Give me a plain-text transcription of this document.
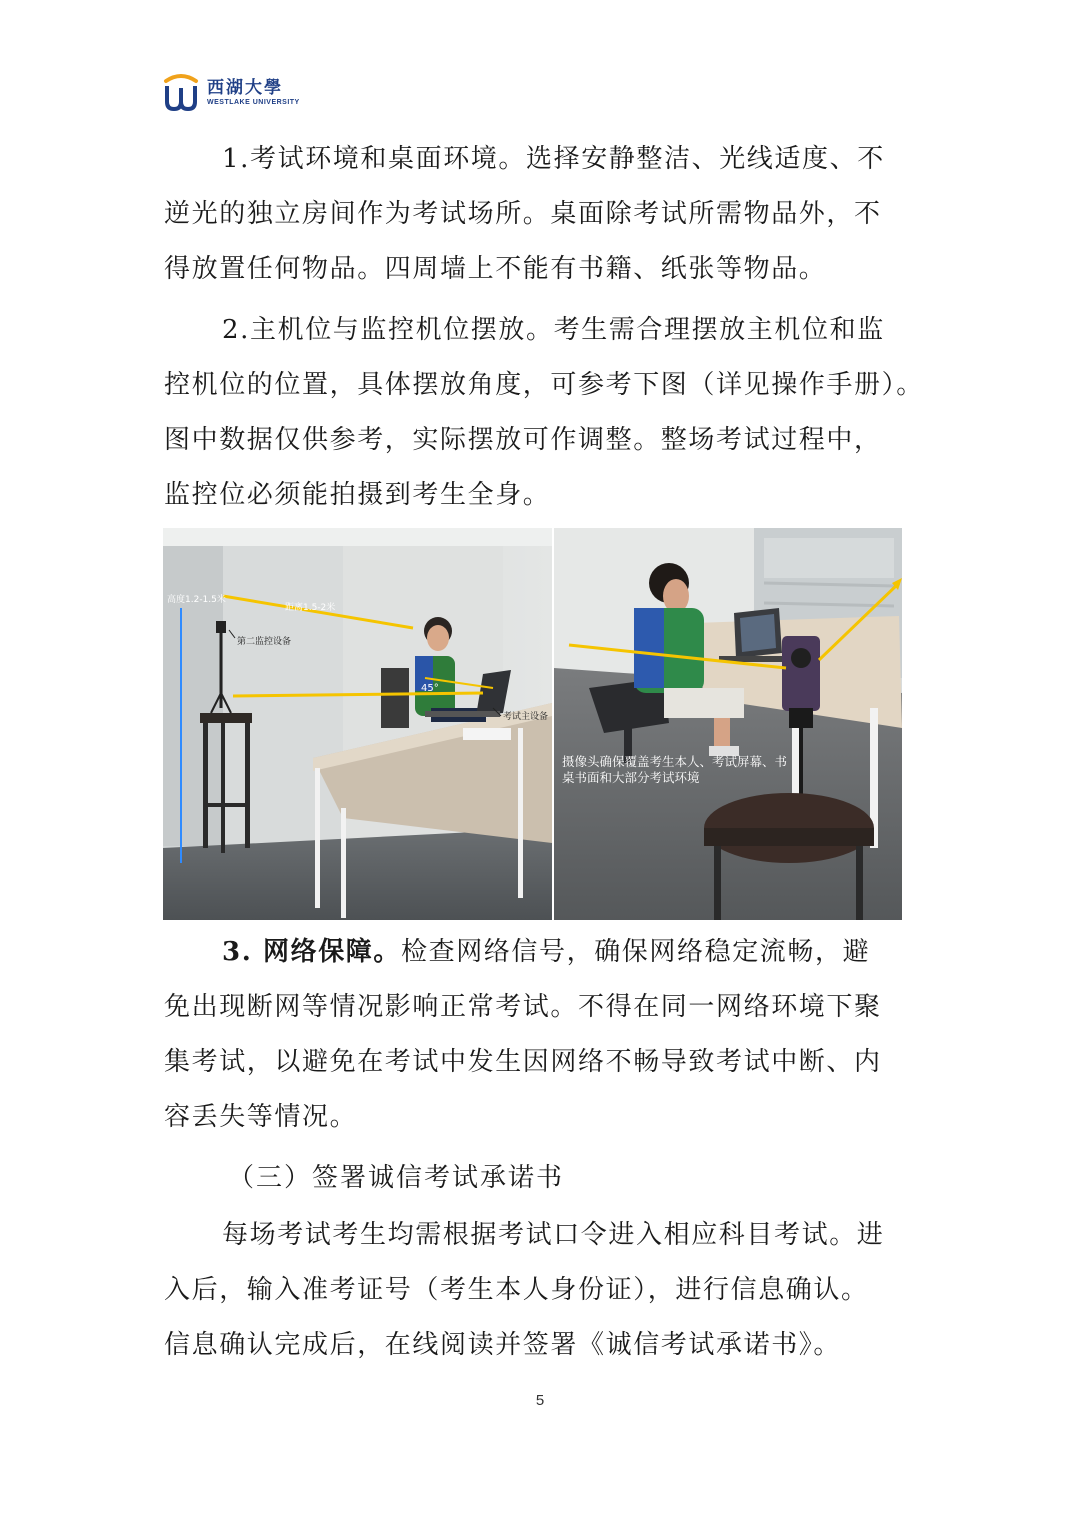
西湖大學
WESTLAKE UNIVERSITY

1.考试环境和桌面环境。选择安静整洁、光线适度、不
逆光的独立房间作为考试场所。桌面除考试所需物品外，不
得放置任何物品。四周墙上不能有书籍、纸张等物品。

2.主机位与监控机位摆放。考生需合理摆放主机位和监
控机位的位置，具体摆放角度，可参考下图（详见操作手册）。
图中数据仅供参考，实际摆放可作调整。整场考试过程中，
监控位必须能拍摄到考生全身。

高度1.2-1.5米
距离1.5-2米
第二监控设备
45°
考试主设备
摄像头确保覆盖考生本人、考试屏幕、书
桌书面和大部分考试环境

3. 网络保障。检查网络信号，确保网络稳定流畅，避
免出现断网等情况影响正常考试。不得在同一网络环境下聚
集考试，以避免在考试中发生因网络不畅导致考试中断、内
容丢失等情况。

（三）签署诚信考试承诺书

每场考试考生均需根据考试口令进入相应科目考试。进
入后，输入准考证号（考生本人身份证），进行信息确认。
信息确认完成后，在线阅读并签署《诚信考试承诺书》。

5
